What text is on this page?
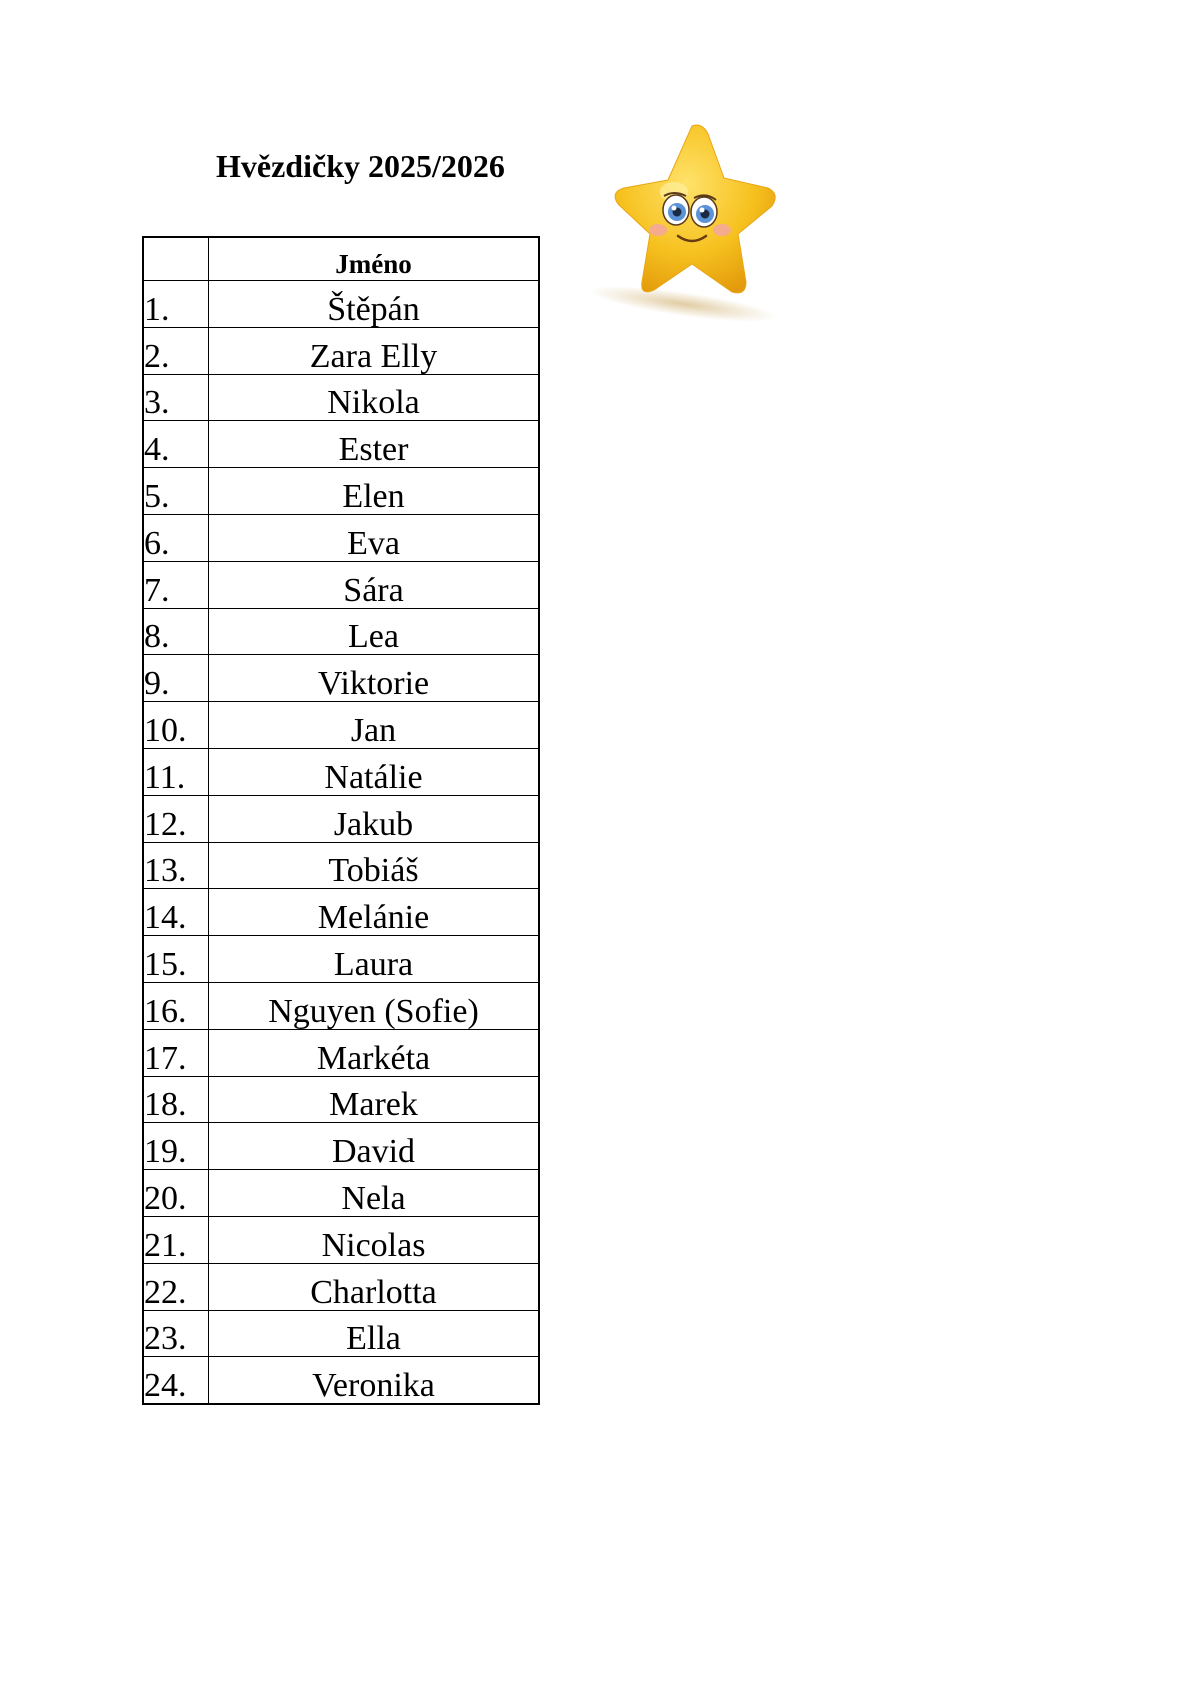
Hvězdičky 2025/2026
	Jméno
1.	Štěpán
2.	Zara Elly
3.	Nikola
4.	Ester
5.	Elen
6.	Eva
7.	Sára
8.	Lea
9.	Viktorie
10.	Jan
11.	Natálie
12.	Jakub
13.	Tobiáš
14.	Melánie
15.	Laura
16.	Nguyen (Sofie)
17.	Markéta
18.	Marek
19.	David
20.	Nela
21.	Nicolas
22.	Charlotta
23.	Ella
24.	Veronika
